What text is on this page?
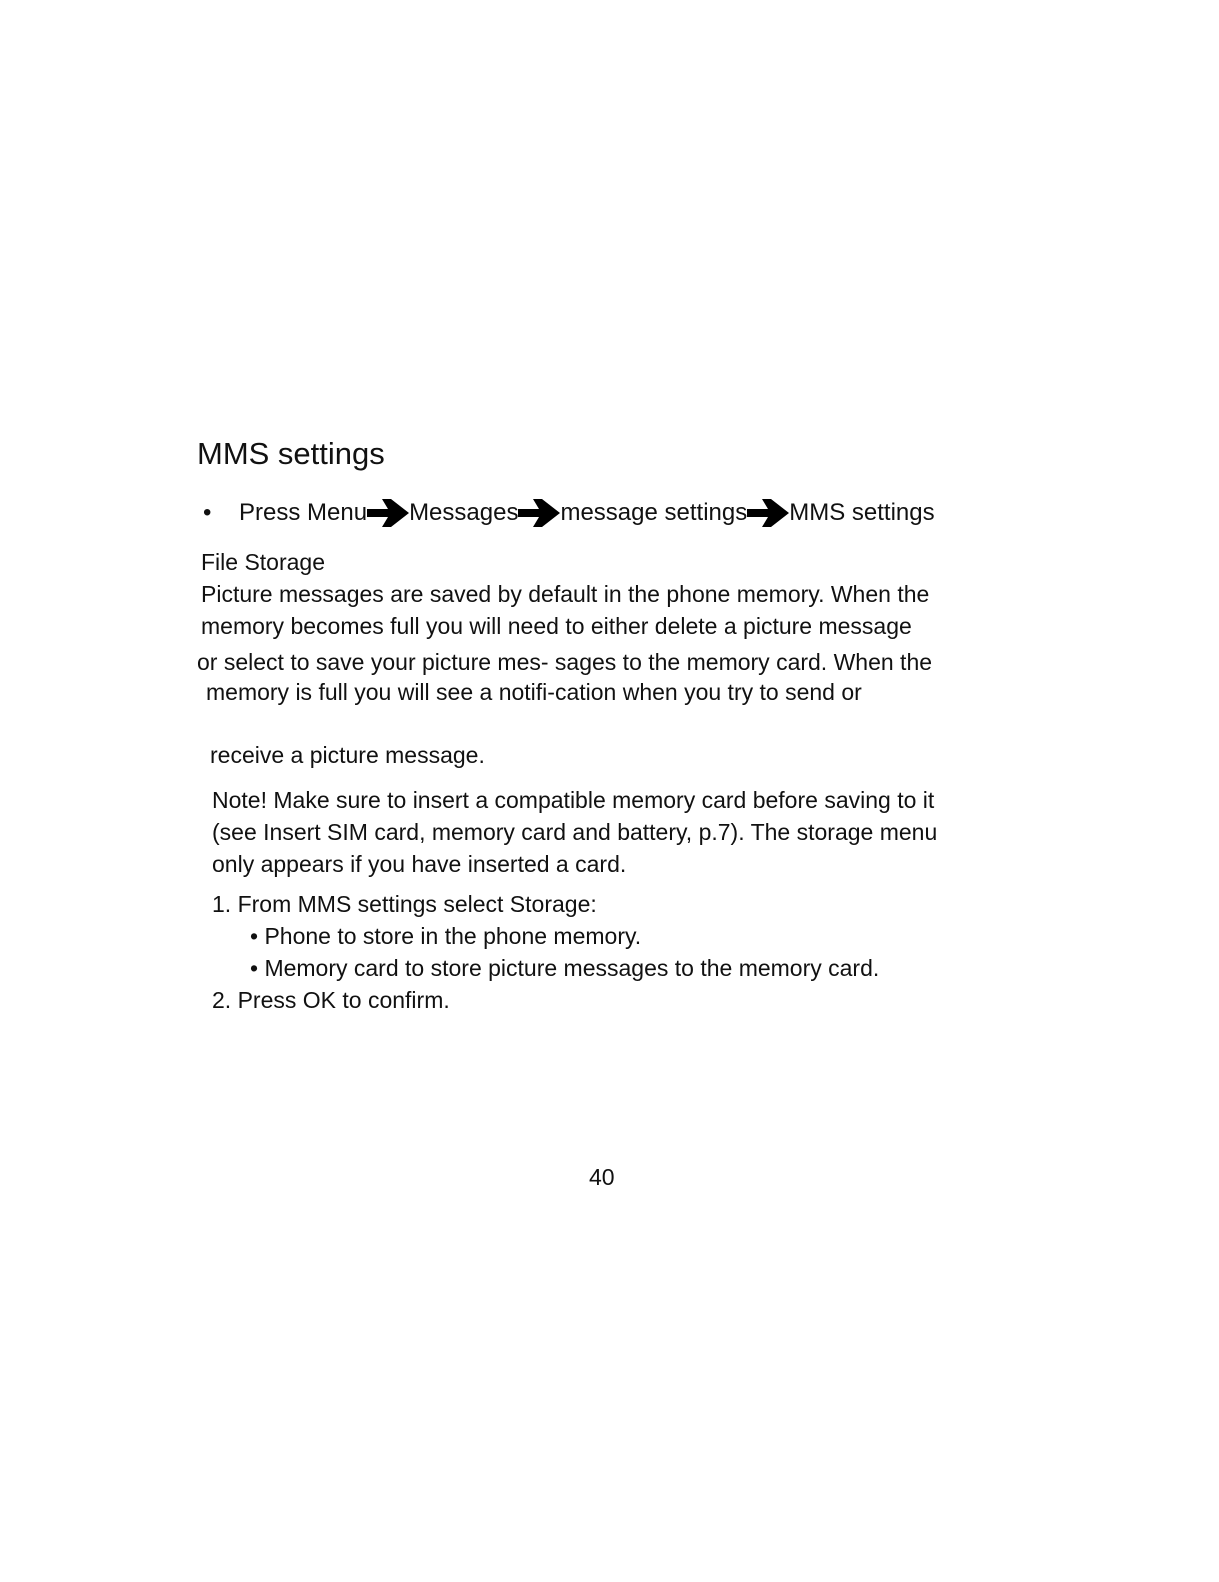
MMS settings
•	Press Menu Messages message settings MMS settings
File Storage
Picture messages are saved by default in the phone memory. When the
memory becomes full you will need to either delete a picture message
or select to save your picture mes- sages to the memory card. When the
memory is full you will see a notifi-cation when you try to send or
receive a picture message.
Note! Make sure to insert a compatible memory card before saving to it
(see Insert SIM card, memory card and battery, p.7). The storage menu
only appears if you have inserted a card.
1. From MMS settings select Storage:
• Phone to store in the phone memory.
• Memory card to store picture messages to the memory card.
2. Press OK to confirm.
40
